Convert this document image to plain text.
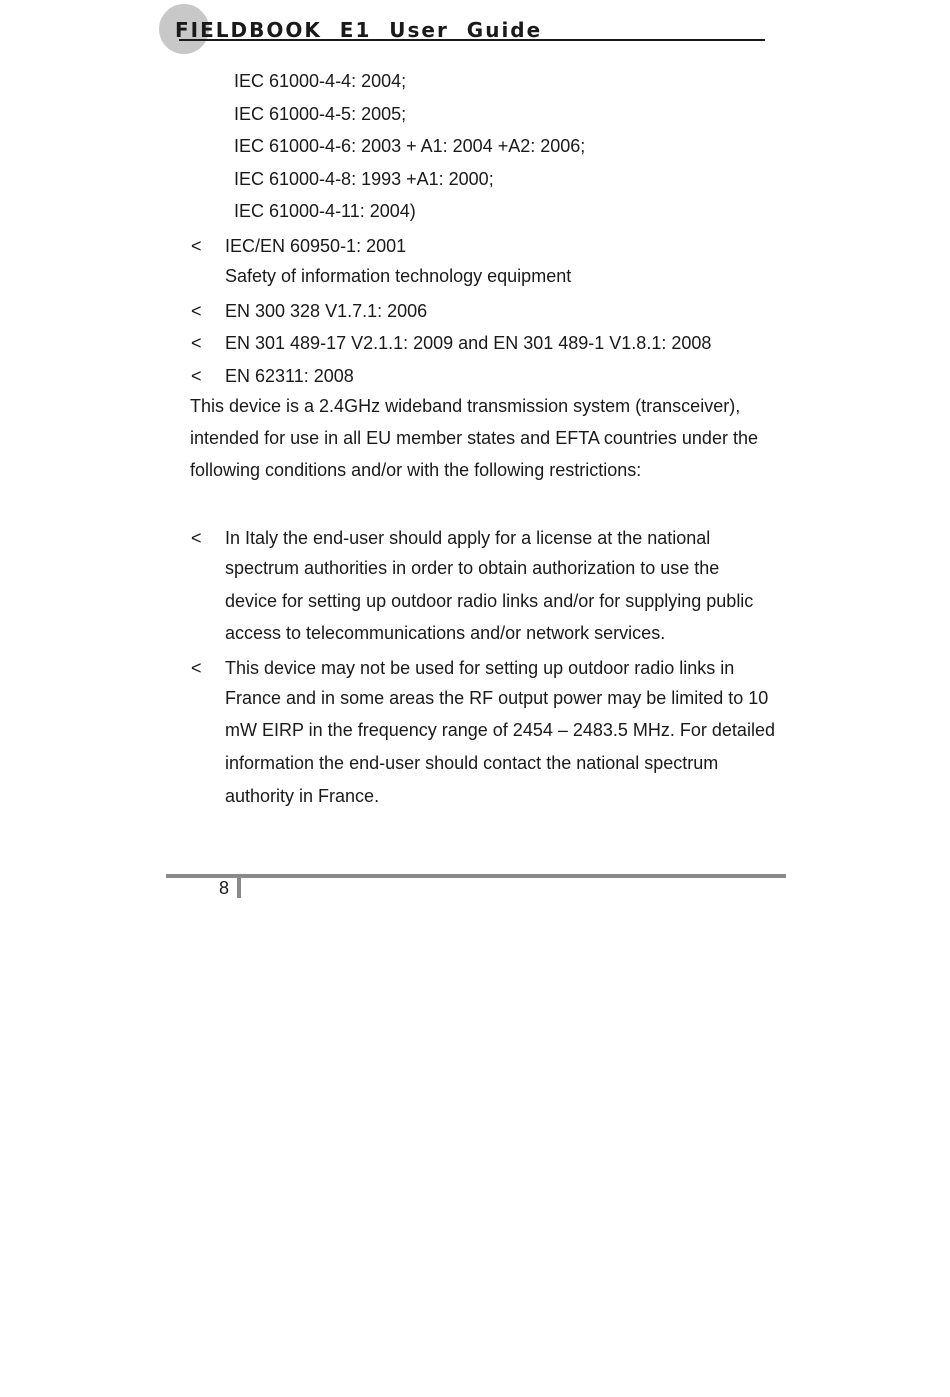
FIELDBOOK  E1  User  Guide
IEC 61000-4-4: 2004;
IEC 61000-4-5: 2005;
IEC 61000-4-6: 2003 + A1: 2004 +A2: 2006;
IEC 61000-4-8: 1993 +A1: 2000;
IEC 61000-4-11: 2004)
< IEC/EN 60950-1: 2001
Safety of information technology equipment
< EN 300 328 V1.7.1: 2006
< EN 301 489-17 V2.1.1: 2009 and EN 301 489-1 V1.8.1: 2008
< EN 62311: 2008
This device is a 2.4GHz wideband transmission system (transceiver),
intended for use in all EU member states and EFTA countries under the
following conditions and/or with the following restrictions:
< In Italy the end-user should apply for a license at the national
spectrum authorities in order to obtain authorization to use the
device for setting up outdoor radio links and/or for supplying public
access to telecommunications and/or network services.
< This device may not be used for setting up outdoor radio links in
France and in some areas the RF output power may be limited to 10
mW EIRP in the frequency range of 2454 – 2483.5 MHz. For detailed
information the end-user should contact the national spectrum
authority in France.
8
